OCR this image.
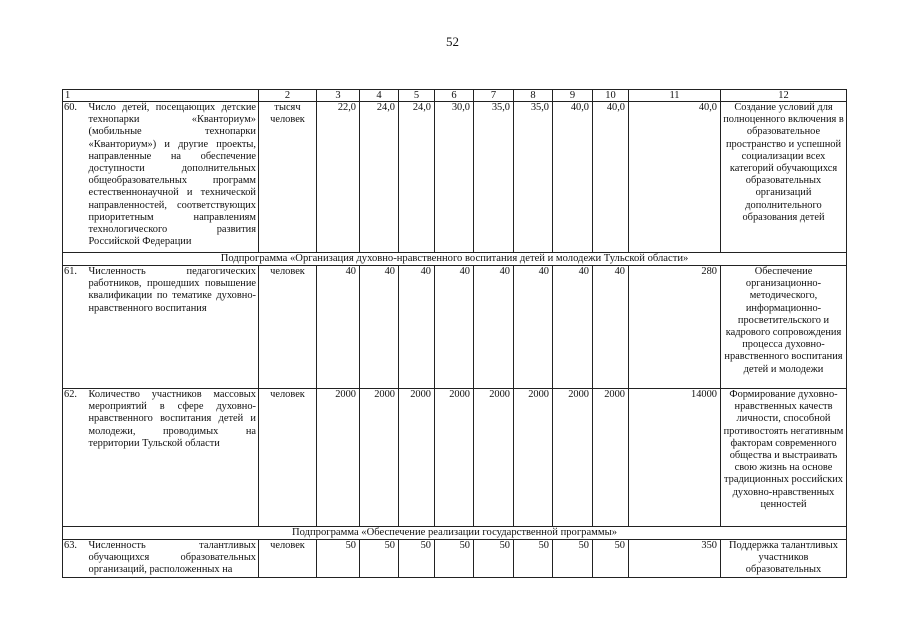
52
1		2	3	4	5	6	7	8	9	10	11	12
60.	Число детей, посещающих детские технопарки «Кванториум» (мобильные технопарки «Кванториум») и другие проекты, направленные на обеспечение доступности дополнительных общеобразовательных программ естественнонаучной и технической направленностей, соответствующих приоритетным направлениям технологического развития Российской Федерации	тысяч человек	22,0	24,0	24,0	30,0	35,0	35,0	40,0	40,0	40,0	Создание условий для полноценного включения в образовательное пространство и успешной социализации всех категорий обучающихся образовательных организаций дополнительного образования детей
Подпрограмма «Организация духовно-нравственного воспитания детей и молодежи Тульской области»												
61.	Численность педагогических работников, прошедших повышение квалификации по тематике духовно-нравственного воспитания	человек	40	40	40	40	40	40	40	40	280	Обеспечение организационно-методического, информационно-просветительского и кадрового сопровождения процесса духовно-нравственного воспитания детей и молодежи
62.	Количество участников массовых мероприятий в сфере духовно-нравственного воспитания детей и молодежи, проводимых на территории Тульской области	человек	2000	2000	2000	2000	2000	2000	2000	2000	14000	Формирование духовно-нравственных качеств личности, способной противостоять негативным факторам современного общества и выстраивать свою жизнь на основе традиционных российских духовно-нравственных ценностей
Подпрограмма «Обеспечение реализации государственной программы»												
63.	Численность талантливых обучающихся образовательных организаций, расположенных на	человек	50	50	50	50	50	50	50	50	350	Поддержка талантливых участников образовательных
